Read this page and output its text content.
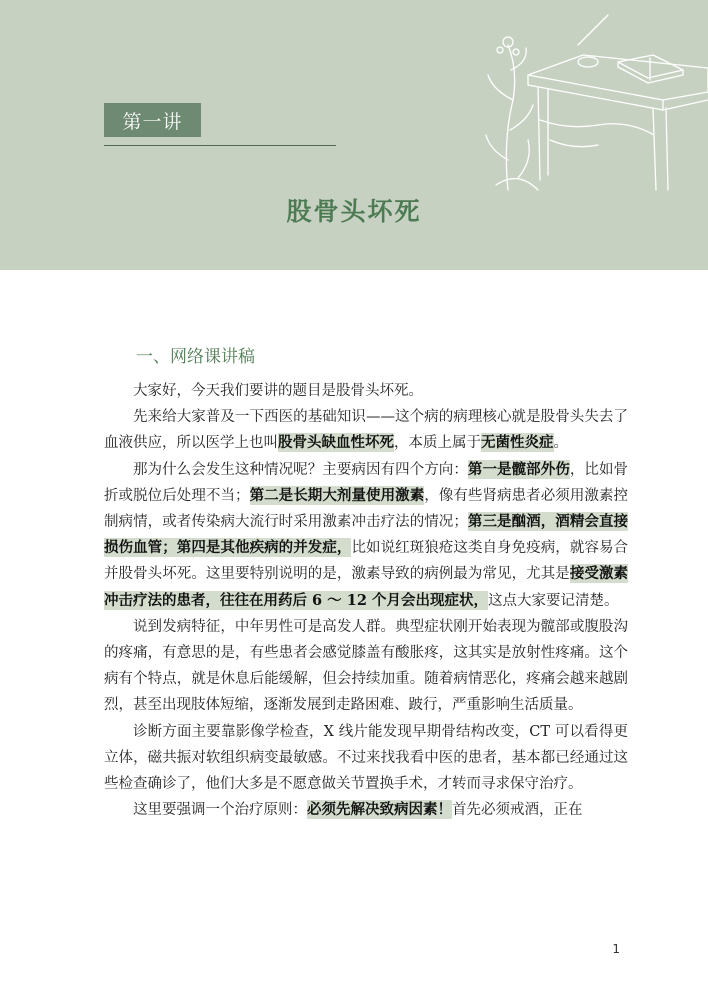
第一讲
股骨头坏死
一、网络课讲稿

大家好，今天我们要讲的题目是股骨头坏死。

先来给大家普及一下西医的基础知识——这个病的病理核心就是股骨头失去了血液供应，所以医学上也叫股骨头缺血性坏死，本质上属于无菌性炎症。

那为什么会发生这种情况呢？主要病因有四个方向：第一是髋部外伤，比如骨折或脱位后处理不当；第二是长期大剂量使用激素，像有些肾病患者必须用激素控制病情，或者传染病大流行时采用激素冲击疗法的情况；第三是酗酒，酒精会直接损伤血管；第四是其他疾病的并发症，比如说红斑狼疮这类自身免疫病，就容易合并股骨头坏死。这里要特别说明的是，激素导致的病例最为常见，尤其是接受激素冲击疗法的患者，往往在用药后 6 ～ 12 个月会出现症状，这点大家要记清楚。

说到发病特征，中年男性可是高发人群。典型症状刚开始表现为髋部或腹股沟的疼痛，有意思的是，有些患者会感觉膝盖有酸胀疼，这其实是放射性疼痛。这个病有个特点，就是休息后能缓解，但会持续加重。随着病情恶化，疼痛会越来越剧烈，甚至出现肢体短缩，逐渐发展到走路困难、跛行，严重影响生活质量。

诊断方面主要靠影像学检查，X 线片能发现早期骨结构改变，CT 可以看得更立体，磁共振对软组织病变最敏感。不过来找我看中医的患者，基本都已经通过这些检查确诊了，他们大多是不愿意做关节置换手术，才转而寻求保守治疗。

这里要强调一个治疗原则：必须先解决致病因素！首先必须戒酒，正在

1
